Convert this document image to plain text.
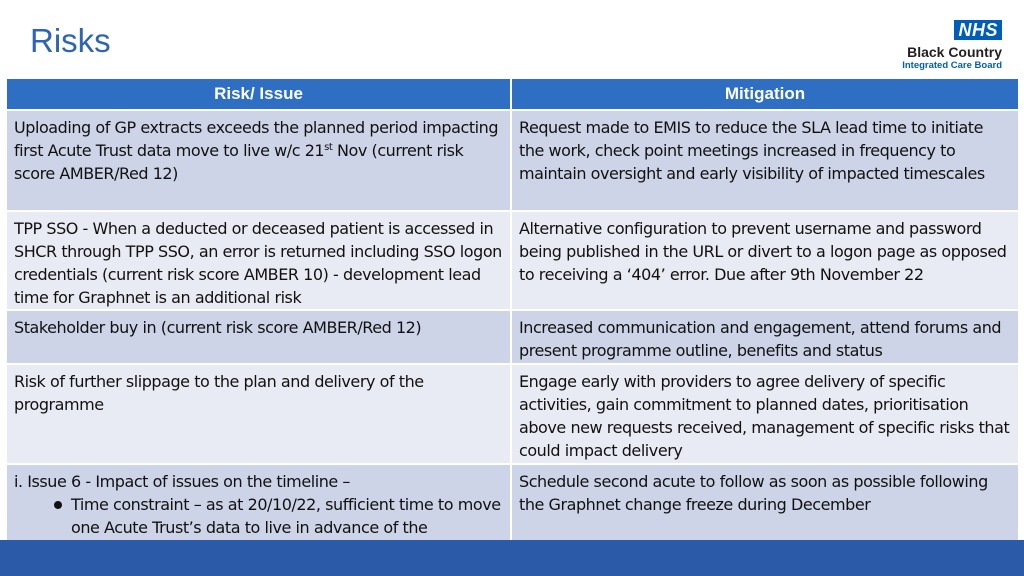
Risks	NHS
Black Country
Integrated Care Board
Risk/ Issue	Mitigation
Uploading of GP extracts exceeds the planned period impacting first Acute Trust data move to live w/c 21st Nov (current risk score AMBER/Red 12)	Request made to EMIS to reduce the SLA lead time to initiate the work, check point meetings increased in frequency to maintain oversight and early visibility of impacted timescales
TPP SSO - When a deducted or deceased patient is accessed in SHCR through TPP SSO, an error is returned including SSO logon credentials (current risk score AMBER 10) - development lead time for Graphnet is an additional risk	Alternative configuration to prevent username and password being published in the URL or divert to a logon page as opposed to receiving a ‘404’ error. Due after 9th November 22
Stakeholder buy in (current risk score AMBER/Red 12)	Increased communication and engagement, attend forums and present programme outline, benefits and status
Risk of further slippage to the plan and delivery of the programme	Engage early with providers to agree delivery of specific activities, gain commitment to planned dates, prioritisation above new requests received, management of specific risks that could impact delivery

i. Issue 6 - Impact of issues on the timeline –
Time constraint – as at 20/10/22, sufficient time to move one Acute Trust’s data to live in advance of the	Schedule second acute to follow as soon as possible following the Graphnet change freeze during December
